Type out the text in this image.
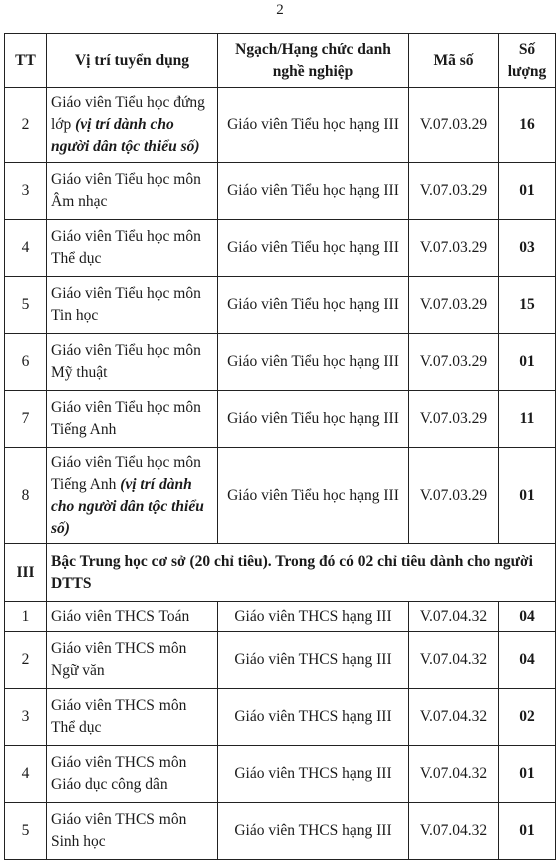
2
TT	Vị trí tuyển dụng	Ngạch/Hạng chức danh nghề nghiệp	Mã số	Số lượng
2	Giáo viên Tiểu học đứng lớp (vị trí dành cho người dân tộc thiểu số)	Giáo viên Tiểu học hạng III	V.07.03.29	16
3	Giáo viên Tiểu học môn Âm nhạc	Giáo viên Tiểu học hạng III	V.07.03.29	01
4	Giáo viên Tiểu học môn Thể dục	Giáo viên Tiểu học hạng III	V.07.03.29	03
5	Giáo viên Tiểu học môn Tin học	Giáo viên Tiểu học hạng III	V.07.03.29	15
6	Giáo viên Tiểu học môn Mỹ thuật	Giáo viên Tiểu học hạng III	V.07.03.29	01
7	Giáo viên Tiểu học môn Tiếng Anh	Giáo viên Tiểu học hạng III	V.07.03.29	11
8	Giáo viên Tiểu học môn Tiếng Anh (vị trí dành cho người dân tộc thiểu số)	Giáo viên Tiểu học hạng III	V.07.03.29	01
III	Bậc Trung học cơ sở (20 chỉ tiêu). Trong đó có 02 chỉ tiêu dành cho người DTTS			
1	Giáo viên THCS Toán	Giáo viên THCS hạng III	V.07.04.32	04
2	Giáo viên THCS môn Ngữ văn	Giáo viên THCS hạng III	V.07.04.32	04
3	Giáo viên THCS môn Thể dục	Giáo viên THCS hạng III	V.07.04.32	02
4	Giáo viên THCS môn Giáo dục công dân	Giáo viên THCS hạng III	V.07.04.32	01
5	Giáo viên THCS môn Sinh học	Giáo viên THCS hạng III	V.07.04.32	01
